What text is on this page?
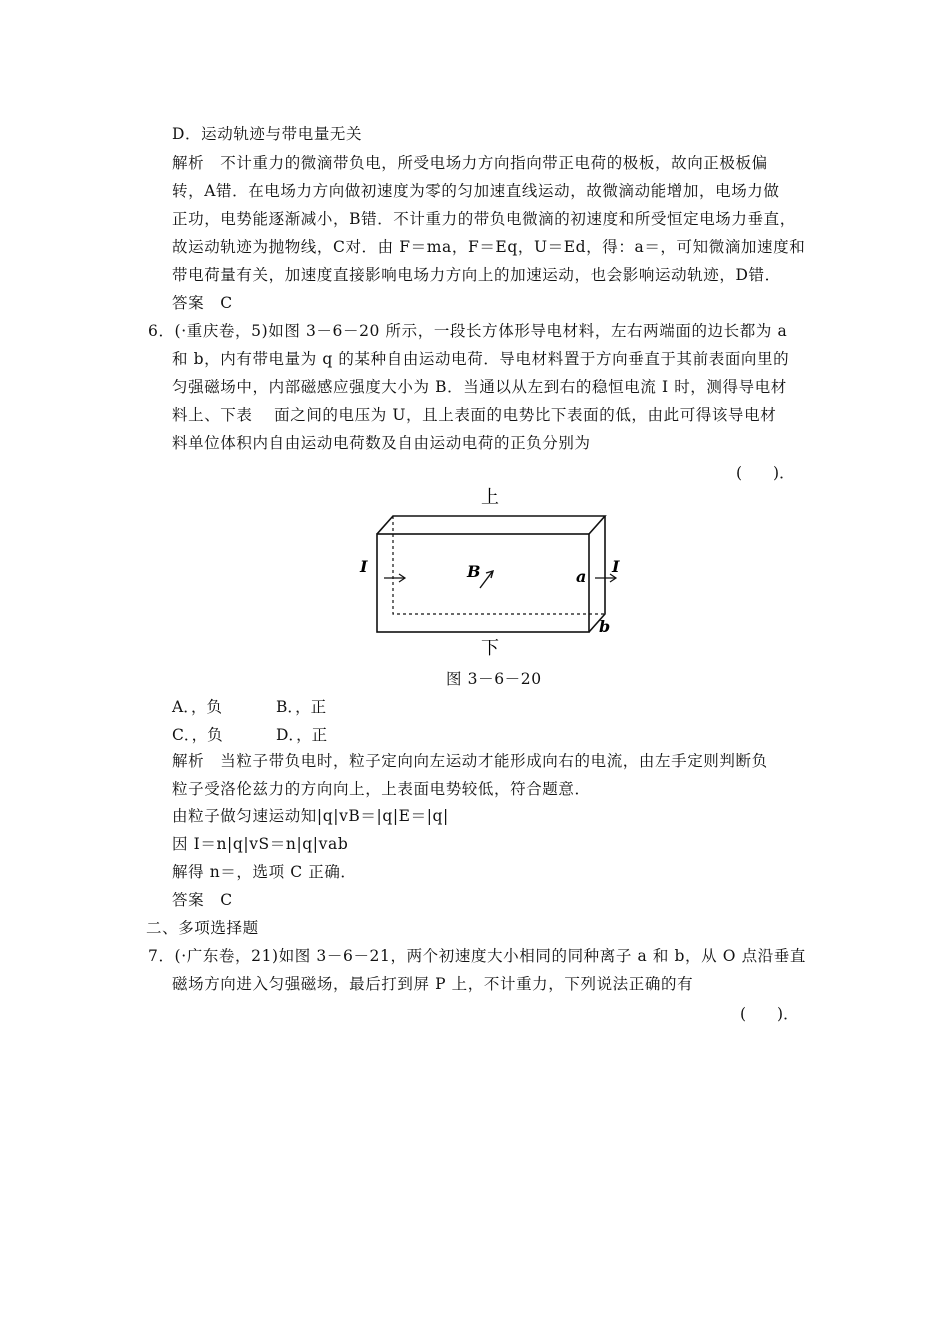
D．运动轨迹与带电量无关
解析　不计重力的微滴带负电，所受电场力方向指向带正电荷的极板，故向正极板偏
转，A错．在电场力方向做初速度为零的匀加速直线运动，故微滴动能增加，电场力做
正功，电势能逐渐减小，B错．不计重力的带负电微滴的初速度和所受恒定电场力垂直，
故运动轨迹为抛物线，C对．由 F＝ma，F＝Eq，U＝Ed，得：a＝，可知微滴加速度和
带电荷量有关，加速度直接影响电场力方向上的加速运动，也会影响运动轨迹，D错．
答案　C
6．(·重庆卷，5)如图 3－6－20 所示，一段长方体形导电材料，左右两端面的边长都为 a
和 b，内有带电量为 q 的某种自由运动电荷．导电材料置于方向垂直于其前表面向里的
匀强磁场中，内部磁感应强度大小为 B．当通以从左到右的稳恒电流 I 时，测得导电材
料上、下表　 面之间的电压为 U，且上表面的电势比下表面的低，由此可得该导电材
料单位体积内自由运动电荷数及自由运动电荷的正负分别为
(　　)．
上
下
I	I
B	a
b
图 3－6－20
A．，负	B．，正
C．，负	D．，正
解析　当粒子带负电时，粒子定向向左运动才能形成向右的电流，由左手定则判断负
粒子受洛伦兹力的方向向上，上表面电势较低，符合题意．
由粒子做匀速运动知|q|vB＝|q|E＝|q|
因 I＝n|q|vS＝n|q|vab
解得 n＝，选项 C 正确．
答案　C
二、多项选择题
7．(·广东卷，21)如图 3－6－21，两个初速度大小相同的同种离子 a 和 b，从 O 点沿垂直
磁场方向进入匀强磁场，最后打到屏 P 上，不计重力，下列说法正确的有
(　　)．
